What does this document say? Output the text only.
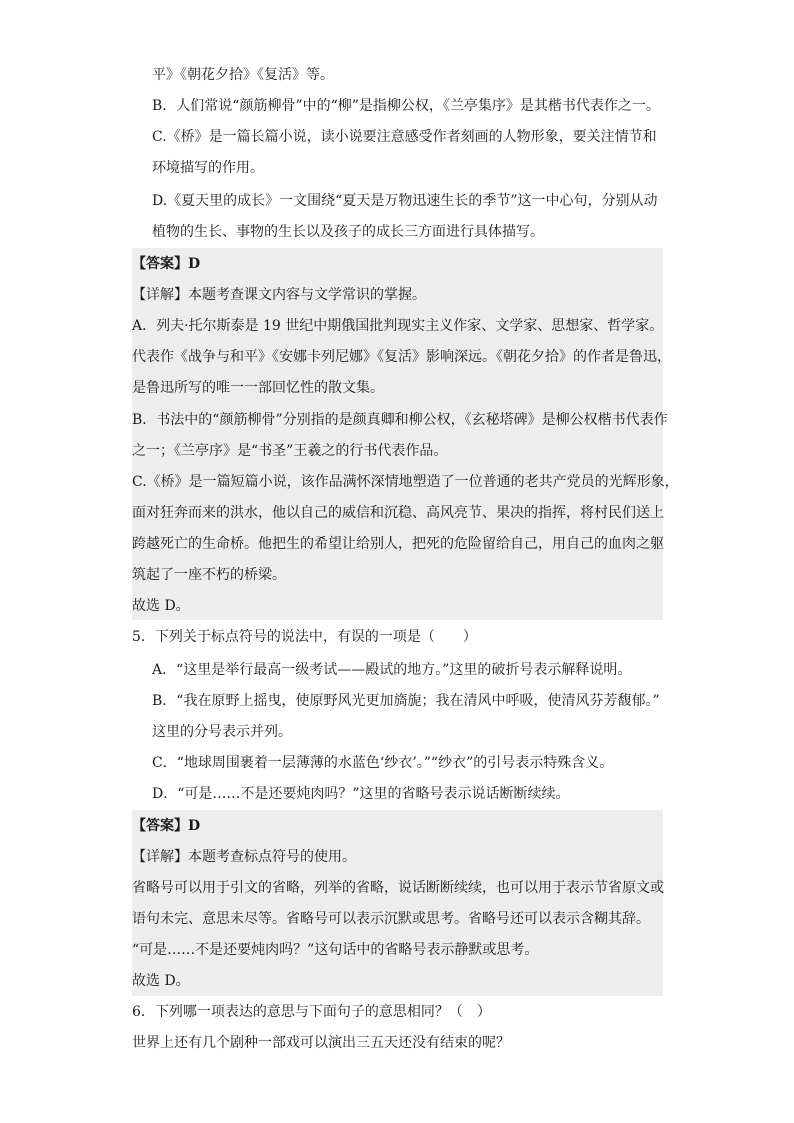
平》《朝花夕拾》《复活》等。
B．人们常说“颜筋柳骨”中的“柳”是指柳公权，《兰亭集序》是其楷书代表作之一。
C.《桥》是一篇长篇小说，读小说要注意感受作者刻画的人物形象，要关注情节和
环境描写的作用。
D.《夏天里的成长》一文围绕“夏天是万物迅速生长的季节”这一中心句，分别从动
植物的生长、事物的生长以及孩子的成长三方面进行具体描写。
【答案】D
【详解】本题考查课文内容与文学常识的掌握。
A．列夫·托尔斯泰是 19 世纪中期俄国批判现实主义作家、文学家、思想家、哲学家。
代表作《战争与和平》《安娜卡列尼娜》《复活》影响深远。《朝花夕拾》的作者是鲁迅，
是鲁迅所写的唯一一部回忆性的散文集。
B．书法中的“颜筋柳骨”分别指的是颜真卿和柳公权，《玄秘塔碑》是柳公权楷书代表作
之一；《兰亭序》是“书圣”王羲之的行书代表作品。
C.《桥》是一篇短篇小说，该作品满怀深情地塑造了一位普通的老共产党员的光辉形象，
面对狂奔而来的洪水，他以自己的威信和沉稳、高风亮节、果决的指挥，将村民们送上
跨越死亡的生命桥。他把生的希望让给别人，把死的危险留给自己，用自己的血肉之躯
筑起了一座不朽的桥梁。
故选 D。
5．下列关于标点符号的说法中，有误的一项是（　　）
A．“这里是举行最高一级考试——殿试的地方。”这里的破折号表示解释说明。
B．“我在原野上摇曳，使原野风光更加旖旎；我在清风中呼吸，使清风芬芳馥郁。”
这里的分号表示并列。
C．“地球周围裹着一层薄薄的水蓝色‘纱衣’。”“纱衣”的引号表示特殊含义。
D．“可是……不是还要炖肉吗？”这里的省略号表示说话断断续续。
【答案】D
【详解】本题考查标点符号的使用。
省略号可以用于引文的省略，列举的省略，说话断断续续，也可以用于表示节省原文或
语句未完、意思未尽等。省略号可以表示沉默或思考。省略号还可以表示含糊其辞。
“可是……不是还要炖肉吗？”这句话中的省略号表示静默或思考。
故选 D。
6．下列哪一项表达的意思与下面句子的意思相同？（　）
世界上还有几个剧种一部戏可以演出三五天还没有结束的呢？
